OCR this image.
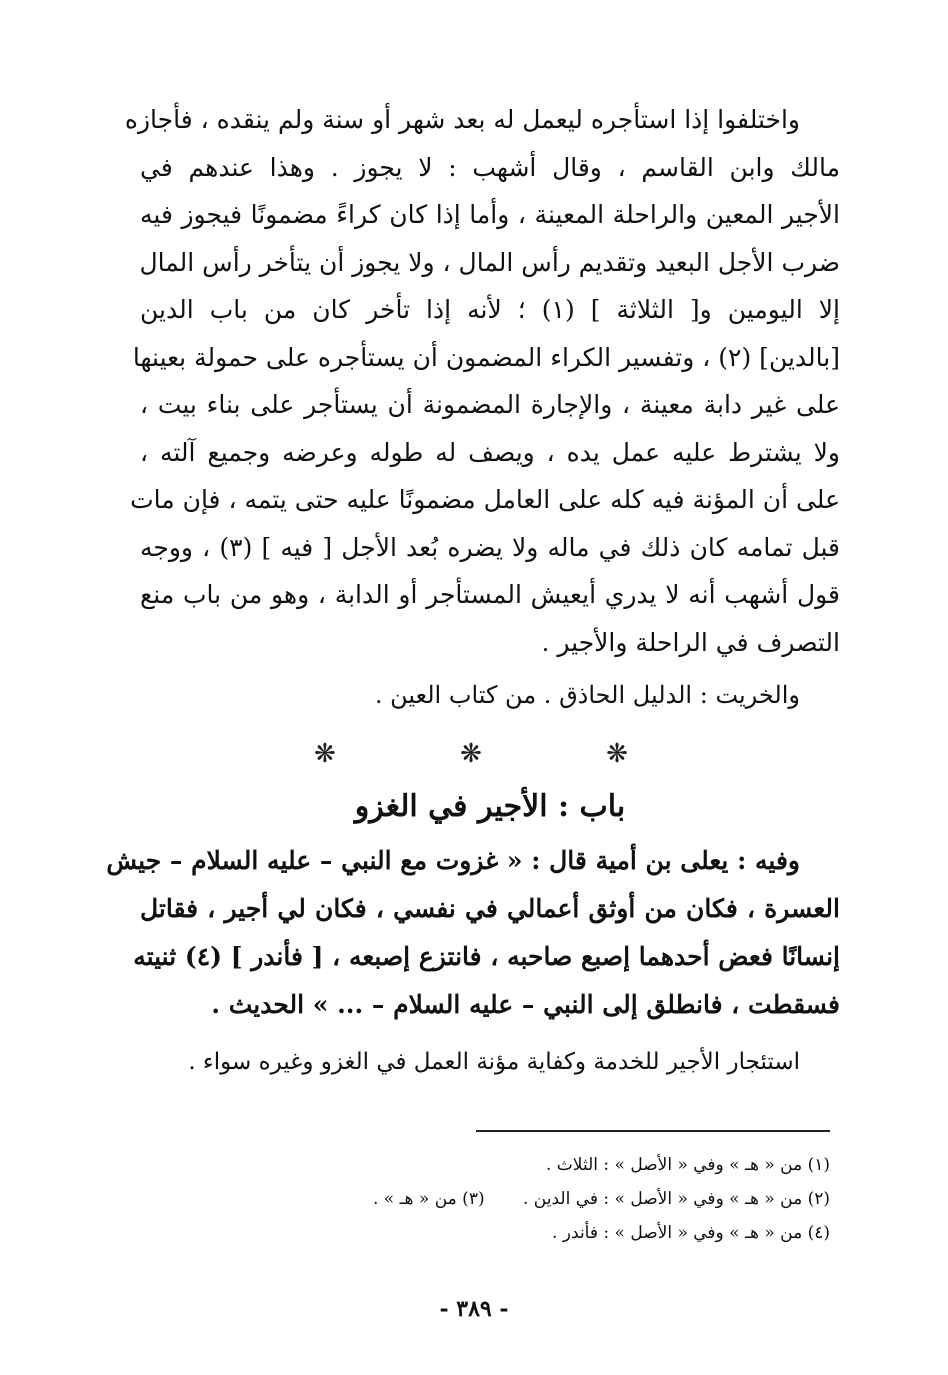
واختلفوا إذا استأجره ليعمل له بعد شهر أو سنة ولم ينقده ، فأجازه
مالك وابن القاسم ، وقال أشهب : لا يجوز . وهذا عندهم في
الأجير المعين والراحلة المعينة ، وأما إذا كان كراءً مضمونًا فيجوز فيه
ضرب الأجل البعيد وتقديم رأس المال ، ولا يجوز أن يتأخر رأس المال
إلا اليومين و[ الثلاثة ] (١) ؛ لأنه إذا تأخر كان من باب الدين
[بالدين] (٢) ، وتفسير الكراء المضمون أن يستأجره على حمولة بعينها
على غير دابة معينة ، والإجارة المضمونة أن يستأجر على بناء بيت ،
ولا يشترط عليه عمل يده ، ويصف له طوله وعرضه وجميع آلته ،
على أن المؤنة فيه كله على العامل مضمونًا عليه حتى يتمه ، فإن مات
قبل تمامه كان ذلك في ماله ولا يضره بُعد الأجل [ فيه ] (٣) ، ووجه
قول أشهب أنه لا يدري أيعيش المستأجر أو الدابة ، وهو من باب منع
التصرف في الراحلة والأجير .

والخريت : الدليل الحاذق . من كتاب العين .

❋ ❋ ❋
باب : الأجير في الغزو
وفيه : يعلى بن أمية قال : « غزوت مع النبي – عليه السلام – جيش
العسرة ، فكان من أوثق أعمالي في نفسي ، فكان لي أجير ، فقاتل
إنسانًا فعض أحدهما إصبع صاحبه ، فانتزع إصبعه ، [ فأندر ] (٤) ثنيته
فسقطت ، فانطلق إلى النبي – عليه السلام – ... » الحديث .

استئجار الأجير للخدمة وكفاية مؤنة العمل في الغزو وغيره سواء .

(١) من « هـ » وفي « الأصل » : الثلاث .
(٢) من « هـ » وفي « الأصل » : في الدين . (٣) من « هـ » .
(٤) من « هـ » وفي « الأصل » : فأندر .
- ٣٨٩ -
